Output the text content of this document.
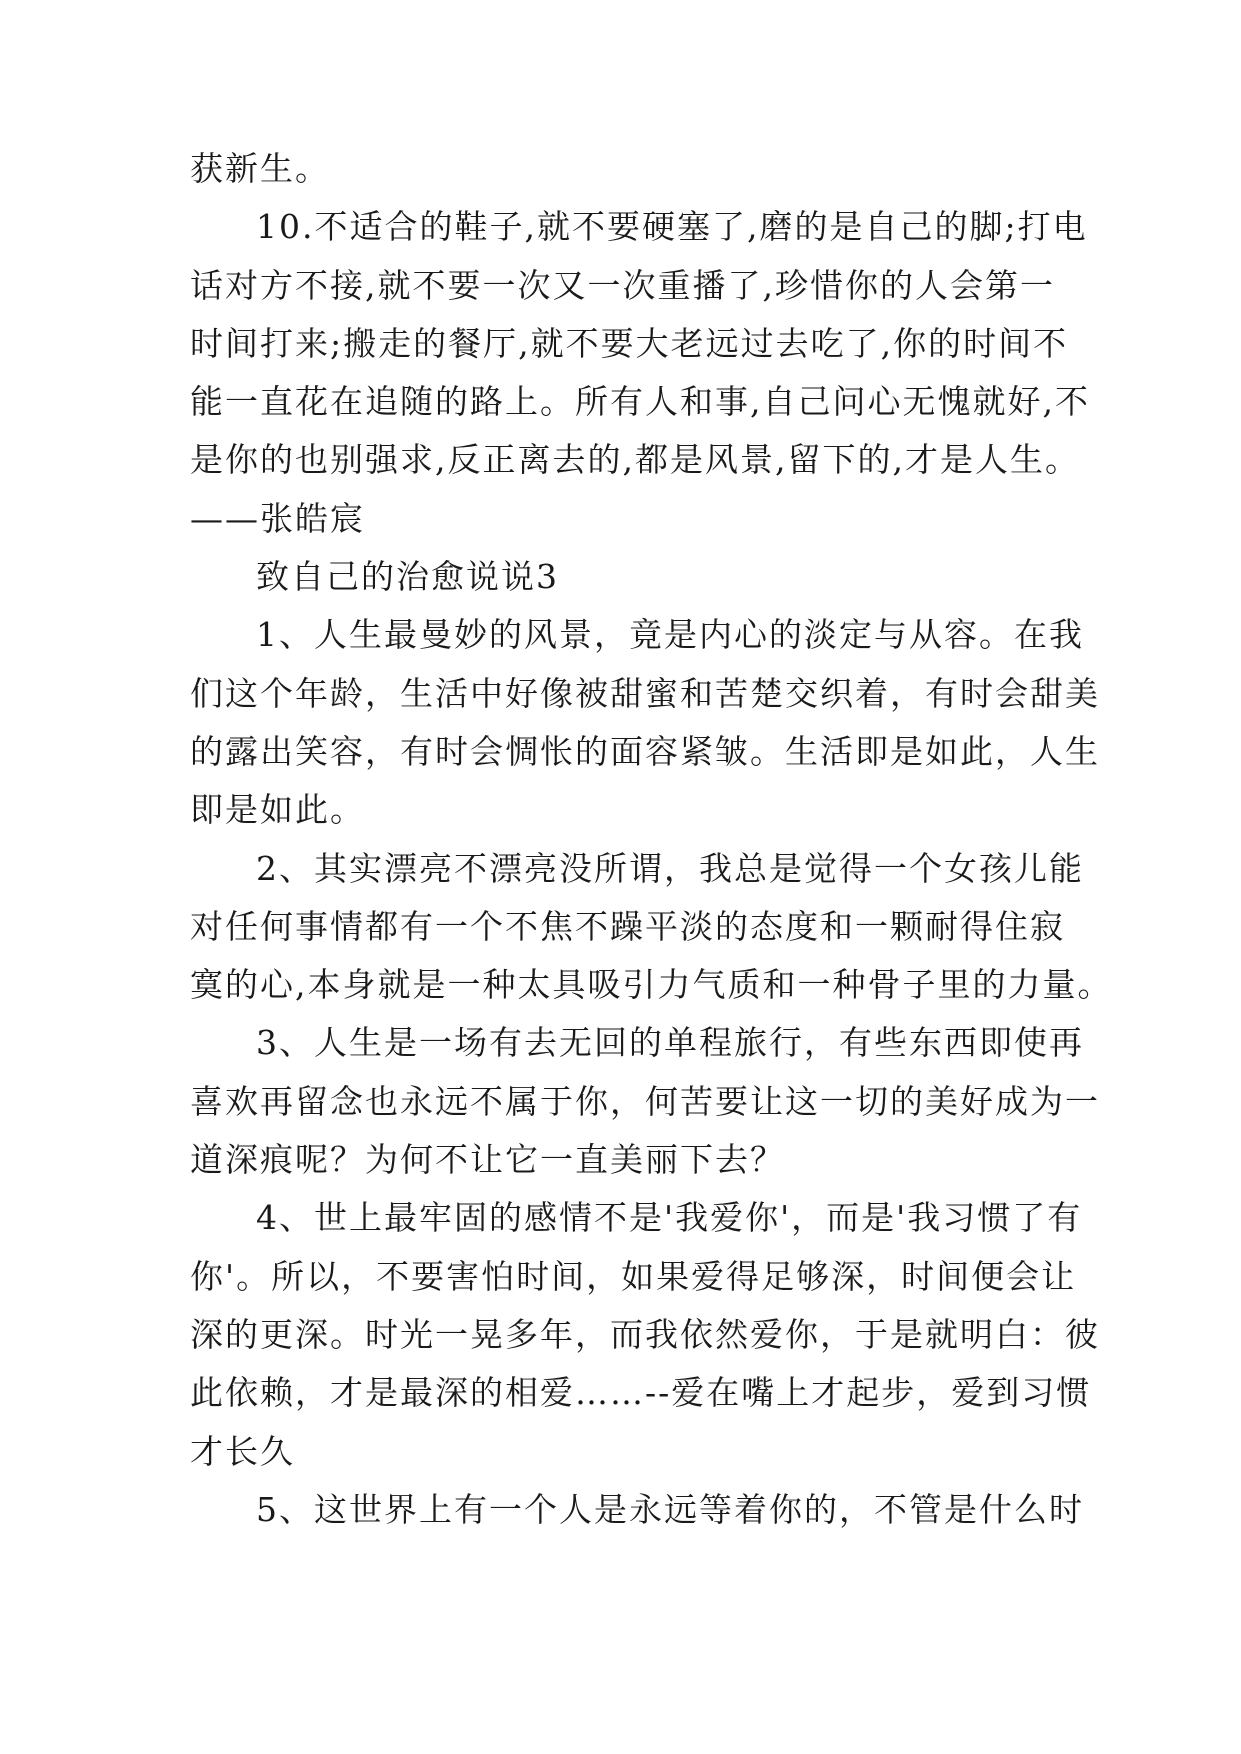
获新生。
10.不适合的鞋子,就不要硬塞了,磨的是自己的脚;打电
话对方不接,就不要一次又一次重播了,珍惜你的人会第一
时间打来;搬走的餐厅,就不要大老远过去吃了,你的时间不
能一直花在追随的路上。所有人和事,自己问心无愧就好,不
是你的也别强求,反正离去的,都是风景,留下的,才是人生。
——张皓宸
致自己的治愈说说3
1、人生最曼妙的风景，竟是内心的淡定与从容。在我
们这个年龄，生活中好像被甜蜜和苦楚交织着，有时会甜美
的露出笑容，有时会惆怅的面容紧皱。生活即是如此，人生
即是如此。
2、其实漂亮不漂亮没所谓，我总是觉得一个女孩儿能
对任何事情都有一个不焦不躁平淡的态度和一颗耐得住寂
寞的心,本身就是一种太具吸引力气质和一种骨子里的力量。
3、人生是一场有去无回的单程旅行，有些东西即使再
喜欢再留念也永远不属于你，何苦要让这一切的美好成为一
道深痕呢？为何不让它一直美丽下去？
4、世上最牢固的感情不是'我爱你'，而是'我习惯了有
你'。所以，不要害怕时间，如果爱得足够深，时间便会让
深的更深。时光一晃多年，而我依然爱你，于是就明白：彼
此依赖，才是最深的相爱……--爱在嘴上才起步，爱到习惯
才长久
5、这世界上有一个人是永远等着你的，不管是什么时
